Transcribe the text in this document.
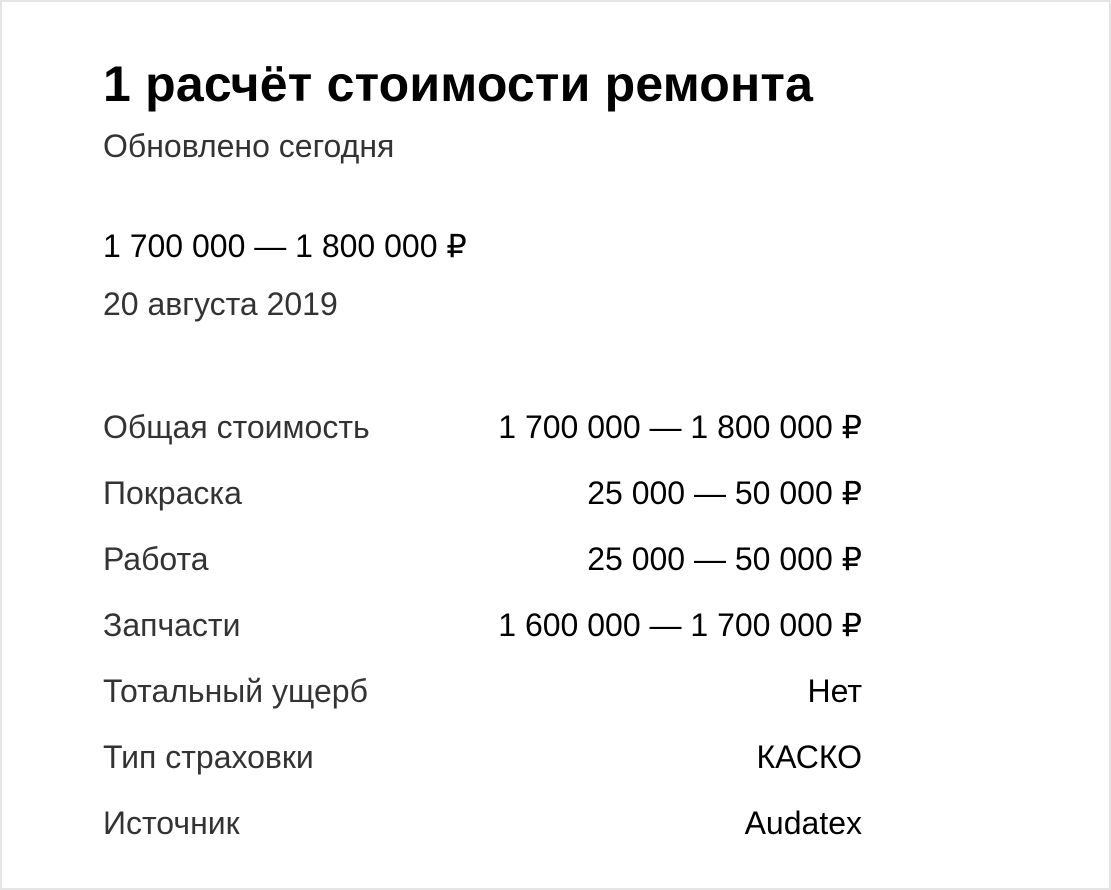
1 расчёт стоимости ремонта
Обновлено сегодня
1 700 000 — 1 800 000 ₽
20 августа 2019
Общая стоимость	1 700 000 — 1 800 000 ₽
Покраска	25 000 — 50 000 ₽
Работа	25 000 — 50 000 ₽
Запчасти	1 600 000 — 1 700 000 ₽
Тотальный ущерб	Нет
Тип страховки	КАСКО
Источник	Audatex
